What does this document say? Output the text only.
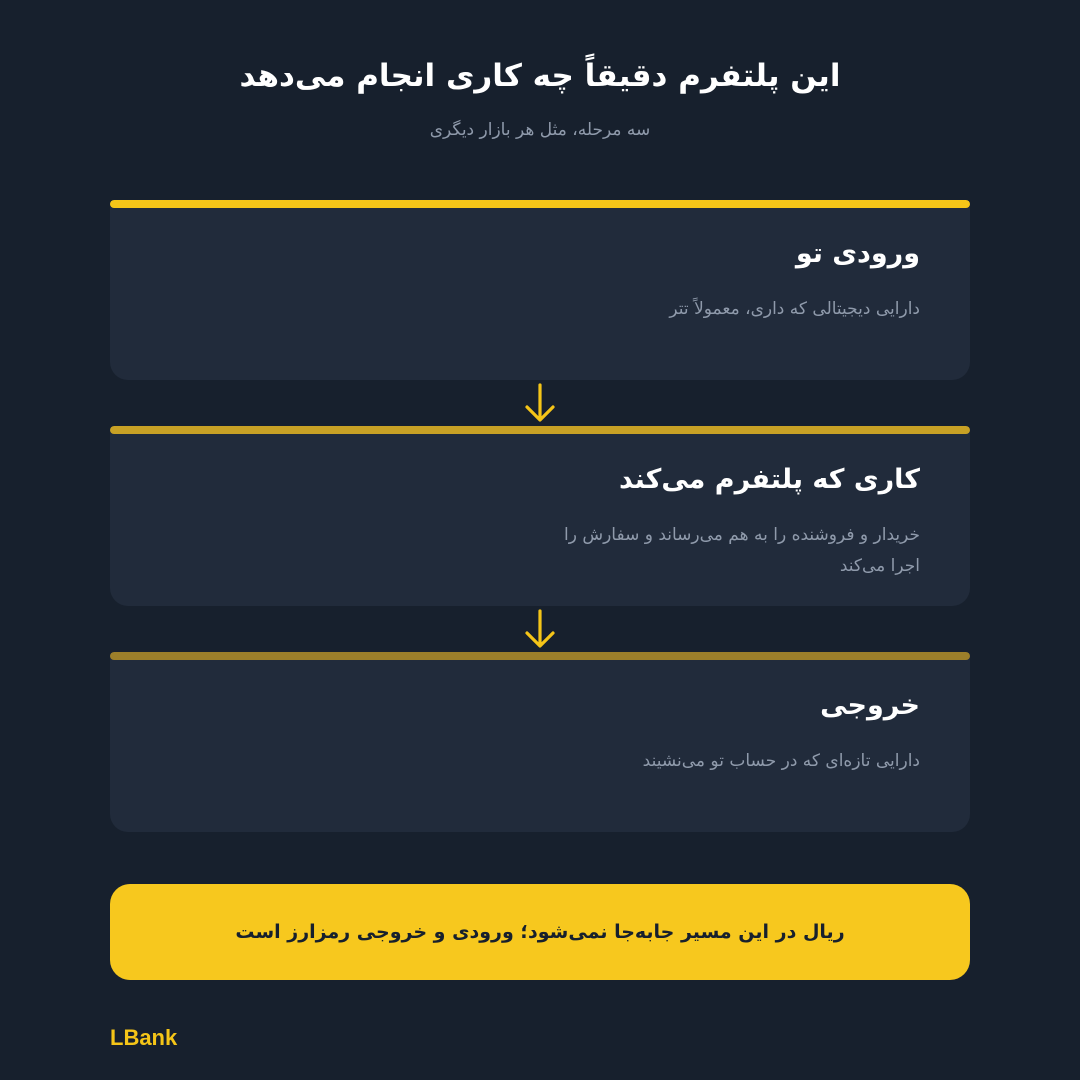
این پلتفرم دقیقاً چه کاری انجام می‌دهد

سه مرحله، مثل هر بازار دیگری

ورودی تو
دارایی دیجیتالی که داری، معمولاً تتر
کاری که پلتفرم می‌کند
خریدار و فروشنده را به هم می‌رساند و سفارش را اجرا می‌کند
خروجی
دارایی تازه‌ای که در حساب تو می‌نشیند
ریال در این مسیر جابه‌جا نمی‌شود؛ ورودی و خروجی رمزارز است
LBank
